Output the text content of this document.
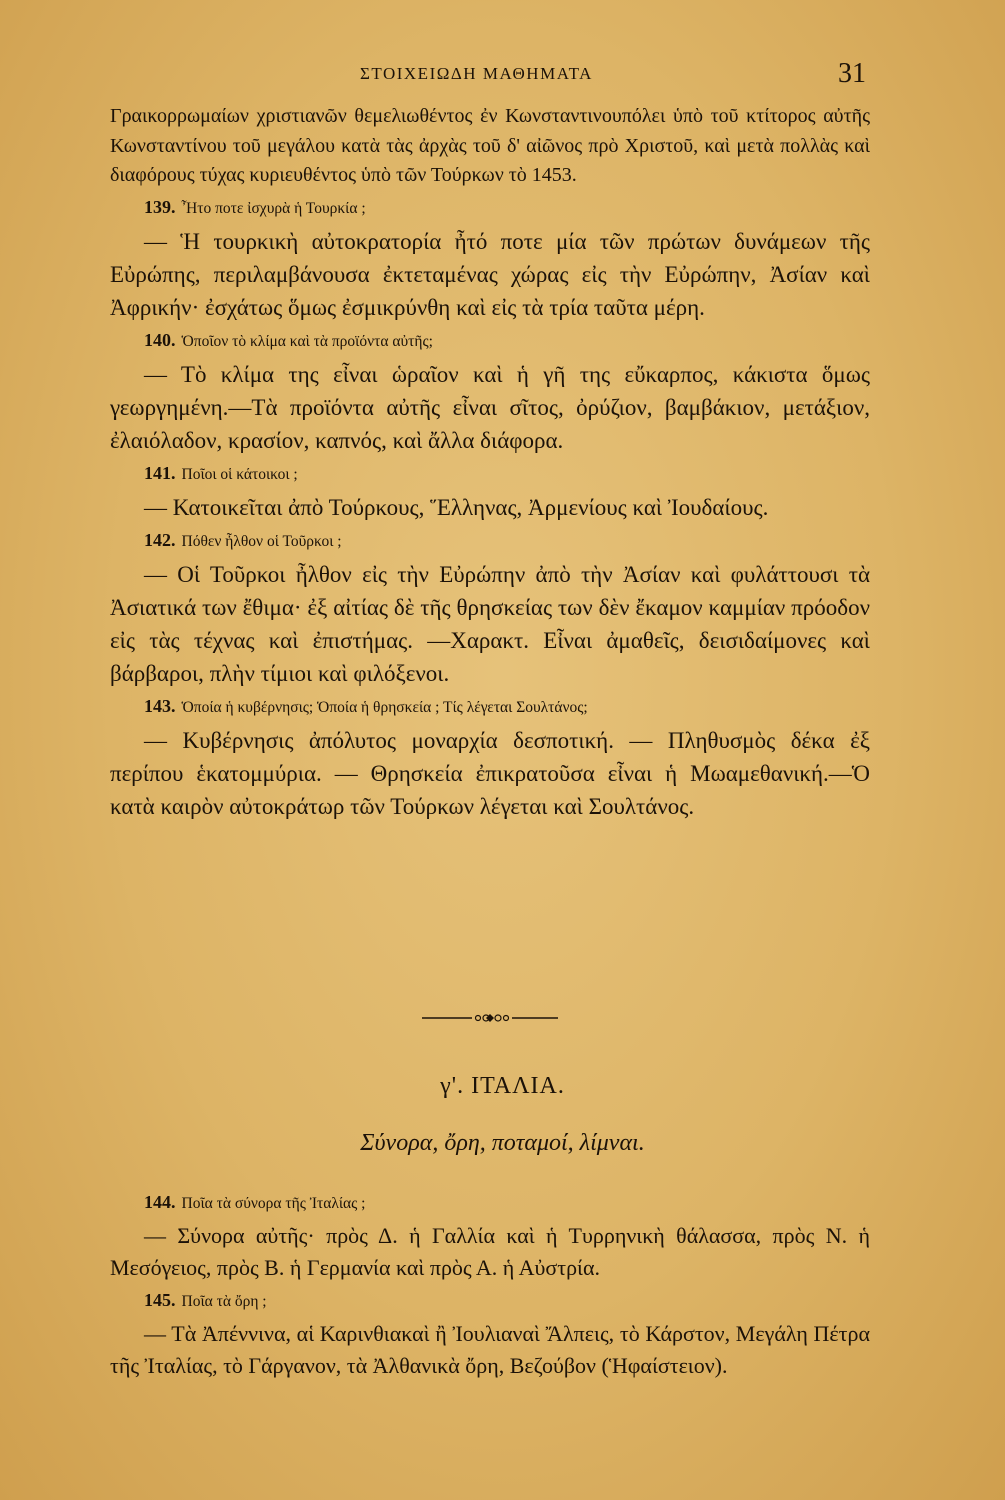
ΣΤΟΙΧΕΙΩΔΗ ΜΑΘΗΜΑΤΑ	31

Γραικορρωμαίων χριστιανῶν θεμελιωθέντος ἐν Κωνσταντινουπόλει ὑπὸ τοῦ κτίτορος αὐτῆς Κωνσταντίνου τοῦ μεγάλου κατὰ τὰς ἀρχὰς τοῦ δ' αἰῶνος πρὸ Χριστοῦ, καὶ μετὰ πολλὰς καὶ διαφόρους τύχας κυριευθέντος ὑπὸ τῶν Τούρκων τὸ 1453.

139. Ἦτο ποτε ἰσχυρὰ ἡ Τουρκία ;

— Ἡ τουρκικὴ αὐτοκρατορία ἦτό ποτε μία τῶν πρώτων δυνάμεων τῆς Εὐρώπης, περιλαμβάνουσα ἐκτεταμένας χώρας εἰς τὴν Εὐρώπην, Ἀσίαν καὶ Ἀφρικήν· ἐσχάτως ὅμως ἐσμικρύνθη καὶ εἰς τὰ τρία ταῦτα μέρη.

140. Ὁποῖον τὸ κλίμα καὶ τὰ προϊόντα αὐτῆς;

— Τὸ κλίμα της εἶναι ὡραῖον καὶ ἡ γῆ της εὔκαρπος, κάκιστα ὅμως γεωργημένη.—Τὰ προϊόντα αὐτῆς εἶναι σῖτος, ὀρύζιον, βαμβάκιον, μετάξιον, ἐλαιόλαδον, κρασίον, καπνός, καὶ ἄλλα διάφορα.

141. Ποῖοι οἱ κάτοικοι ;

— Κατοικεῖται ἀπὸ Τούρκους, Ἕλληνας, Ἀρμενίους καὶ Ἰουδαίους.

142. Πόθεν ἦλθον οἱ Τοῦρκοι ;

— Οἱ Τοῦρκοι ἦλθον εἰς τὴν Εὐρώπην ἀπὸ τὴν Ἀσίαν καὶ φυλάττουσι τὰ Ἀσιατικά των ἔθιμα· ἐξ αἰτίας δὲ τῆς θρησκείας των δὲν ἔκαμον καμμίαν πρόοδον εἰς τὰς τέχνας καὶ ἐπιστήμας. —Χαρακτ. Εἶναι ἀμαθεῖς, δεισιδαίμονες καὶ βάρβαροι, πλὴν τίμιοι καὶ φιλόξενοι.

143. Ὁποία ἡ κυβέρνησις; Ὁποία ἡ θρησκεία ; Τίς λέγεται Σουλτάνος;

— Κυβέρνησις ἀπόλυτος μοναρχία δεσποτική. — Πληθυσμὸς δέκα ἐξ περίπου ἑκατομμύρια. — Θρησκεία ἐπικρατοῦσα εἶναι ἡ Μωαμεθανική.—Ὁ κατὰ καιρὸν αὐτοκράτωρ τῶν Τούρκων λέγεται καὶ Σουλτάνος.

γ'. ΙΤΑΛΙΑ.
Σύνορα, ὄρη, ποταμοί, λίμναι.

144. Ποῖα τὰ σύνορα τῆς Ἰταλίας ;

— Σύνορα αὐτῆς· πρὸς Δ. ἡ Γαλλία καὶ ἡ Τυρρηνικὴ θάλασσα, πρὸς Ν. ἡ Μεσόγειος, πρὸς Β. ἡ Γερμανία καὶ πρὸς Α. ἡ Αὐστρία.

145. Ποῖα τὰ ὄρη ;

— Τὰ Ἀπέννινα, αἱ Καρινθιακαὶ ἢ Ἰουλιαναὶ Ἄλπεις, τὸ Κάρστον, Μεγάλη Πέτρα τῆς Ἰταλίας, τὸ Γάργανον, τὰ Ἀλθανικὰ ὄρη, Βεζούβον (Ἡφαίστειον).
